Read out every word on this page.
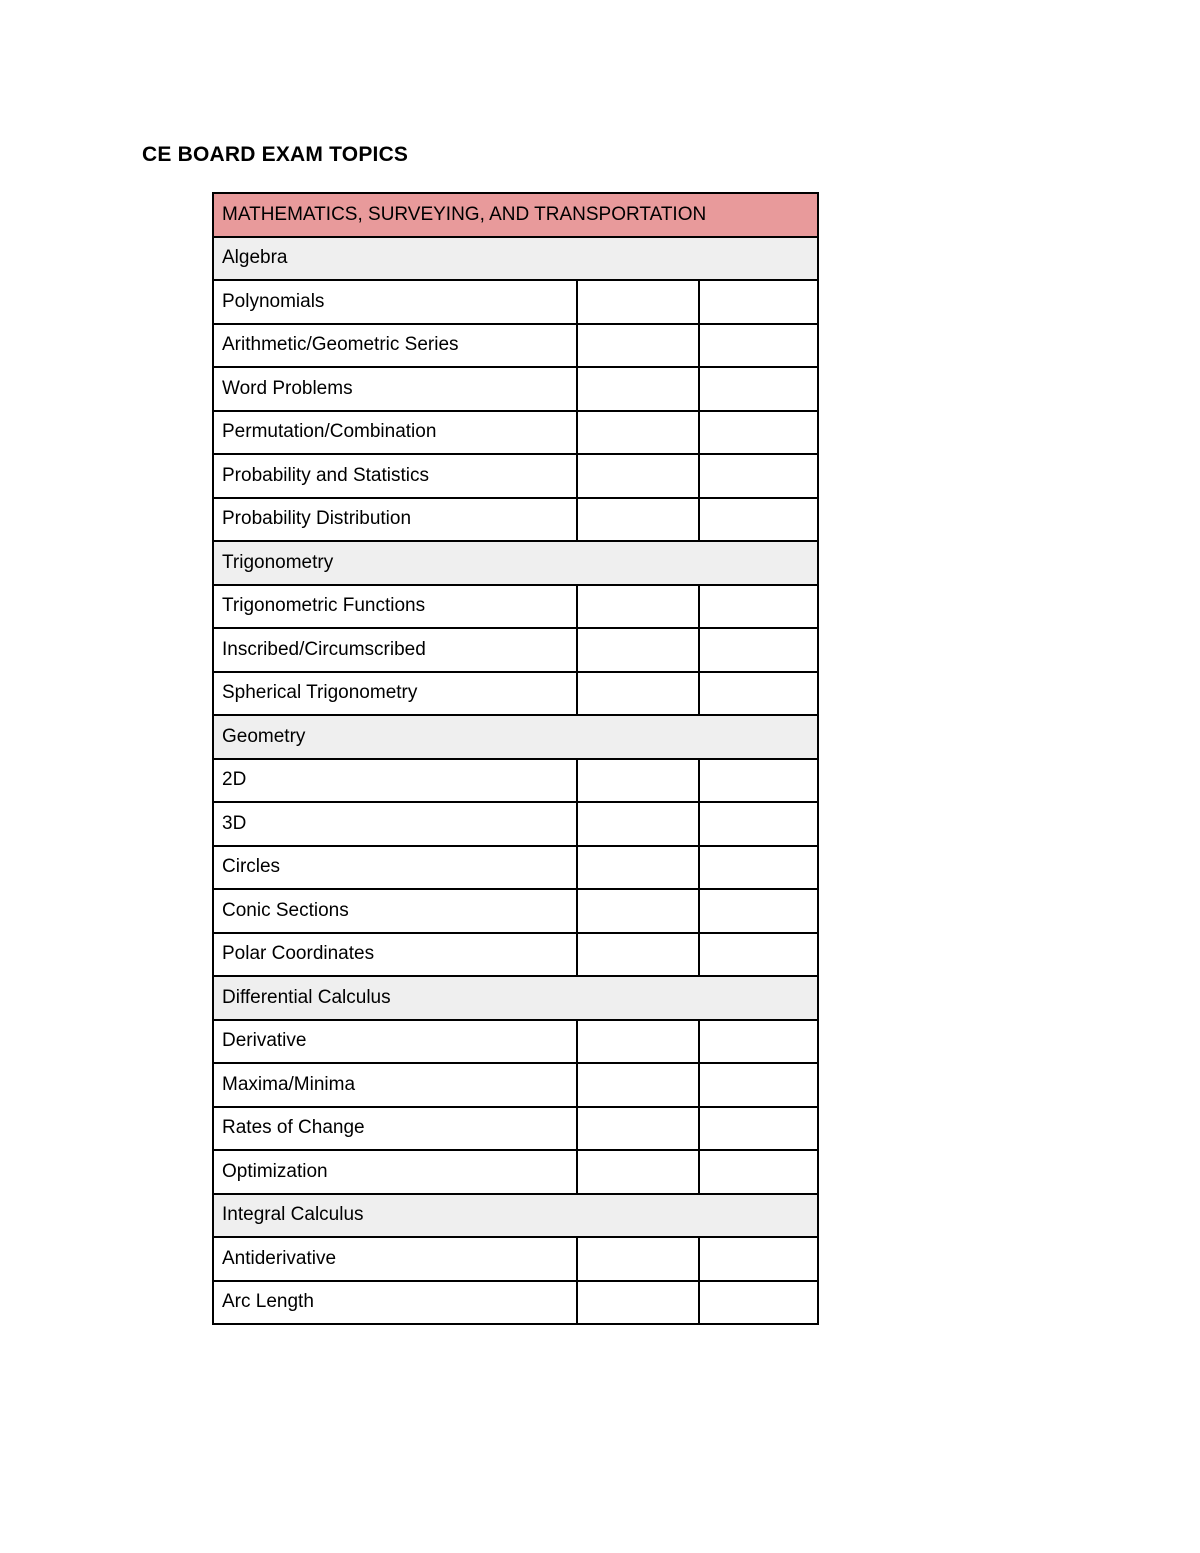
CE BOARD EXAM TOPICS
MATHEMATICS, SURVEYING, AND TRANSPORTATION		
Algebra		
Polynomials		
Arithmetic/Geometric Series		
Word Problems		
Permutation/Combination		
Probability and Statistics		
Probability Distribution		
Trigonometry		
Trigonometric Functions		
Inscribed/Circumscribed		
Spherical Trigonometry		
Geometry		
2D		
3D		
Circles		
Conic Sections		
Polar Coordinates		
Differential Calculus		
Derivative		
Maxima/Minima		
Rates of Change		
Optimization		
Integral Calculus		
Antiderivative		
Arc Length		
